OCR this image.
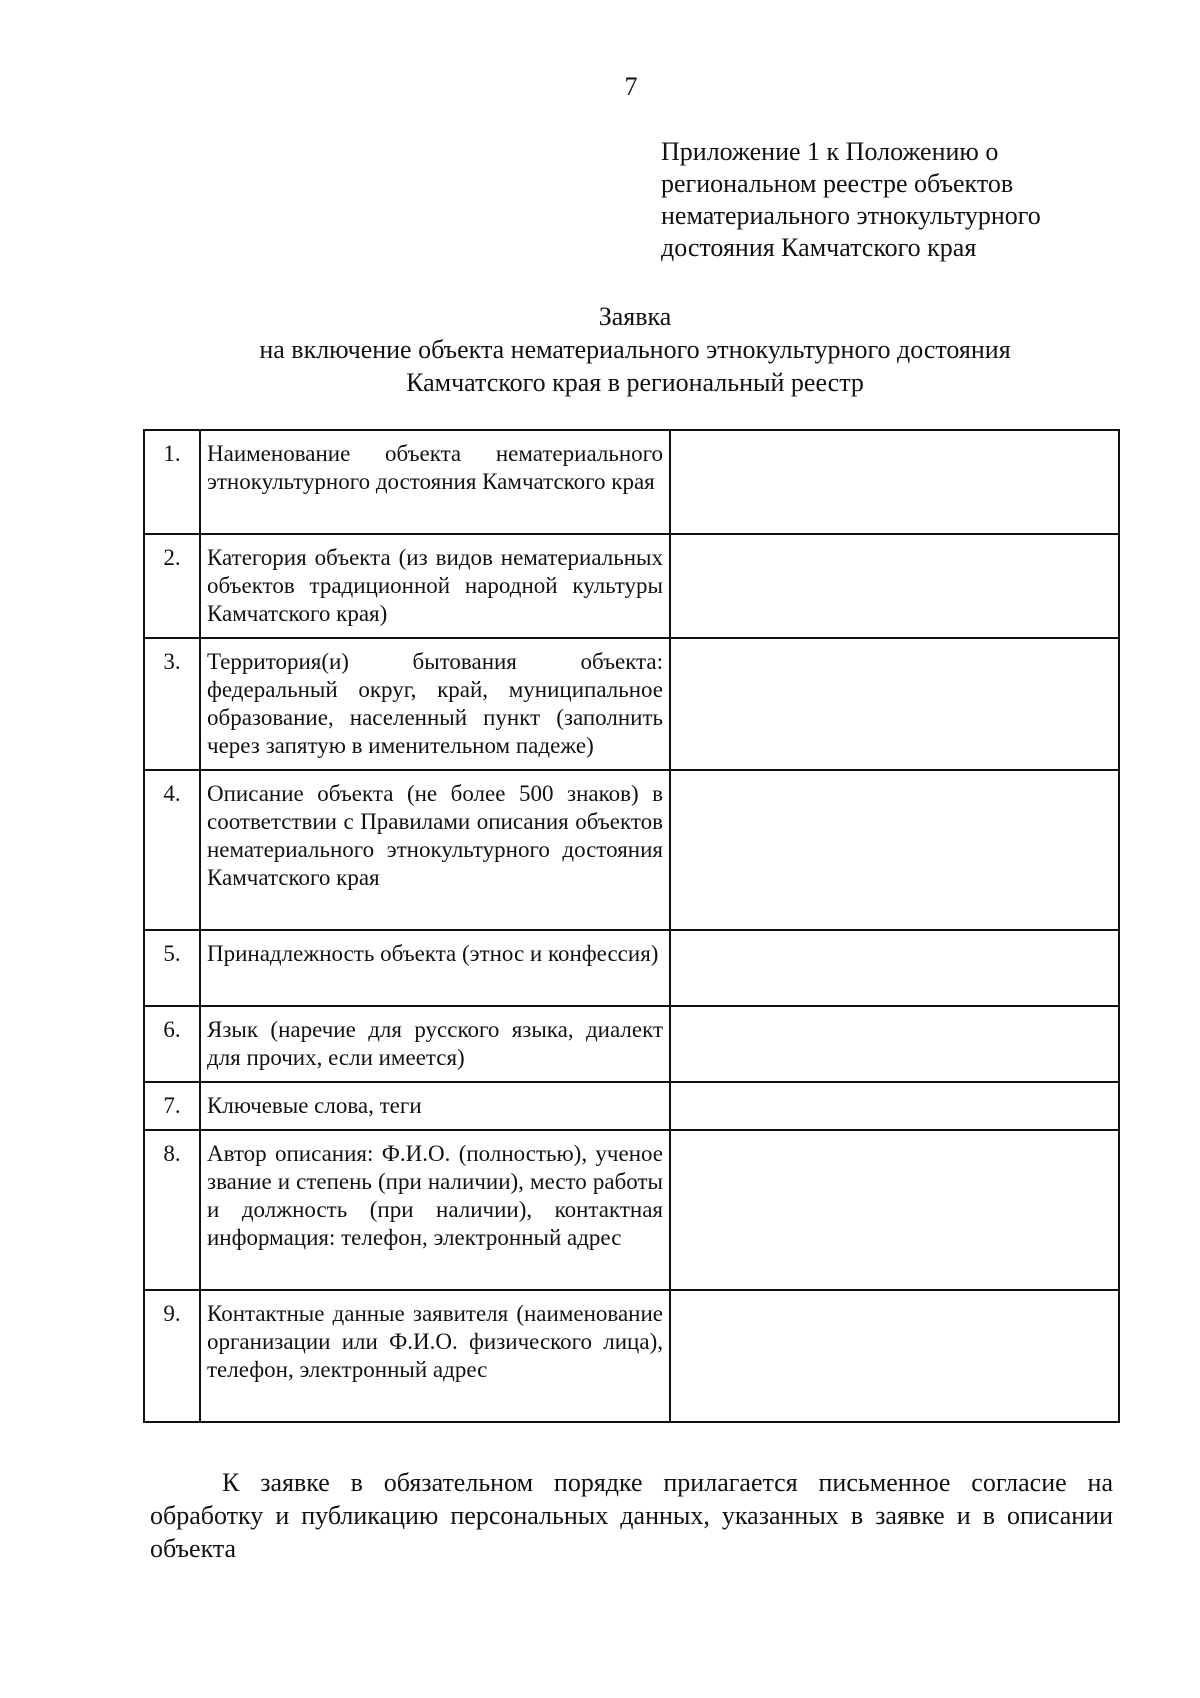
7
Приложение 1 к Положению о
региональном реестре объектов
нематериального этнокультурного
достояния Камчатского края
Заявка
на включение объекта нематериального этнокультурного достояния
Камчатского края в региональный реестр
1.	Наименование объекта нематериального этнокультурного достояния Камчатского края	
2.	Категория объекта (из видов нематериальных объектов традиционной народной культуры Камчатского края)	
3.	Территория(и) бытования объекта: федеральный округ, край, муниципальное образование, населенный пункт (заполнить через запятую в именительном падеже)	
4.	Описание объекта (не более 500 знаков) в соответствии с Правилами описания объектов нематериального этнокультурного достояния Камчатского края	
5.	Принадлежность объекта (этнос и конфессия)	
6.	Язык (наречие для русского языка, диалект для прочих, если имеется)	
7.	Ключевые слова, теги	
8.	Автор описания: Ф.И.О. (полностью), ученое звание и степень (при наличии), место работы и должность (при наличии), контактная информация: телефон, электронный адрес	
9.	Контактные данные заявителя (наименование организации или Ф.И.О. физического лица), телефон, электронный адрес	
К заявке в обязательном порядке прилагается письменное согласие на обработку и публикацию персональных данных, указанных в заявке и в описании объекта
